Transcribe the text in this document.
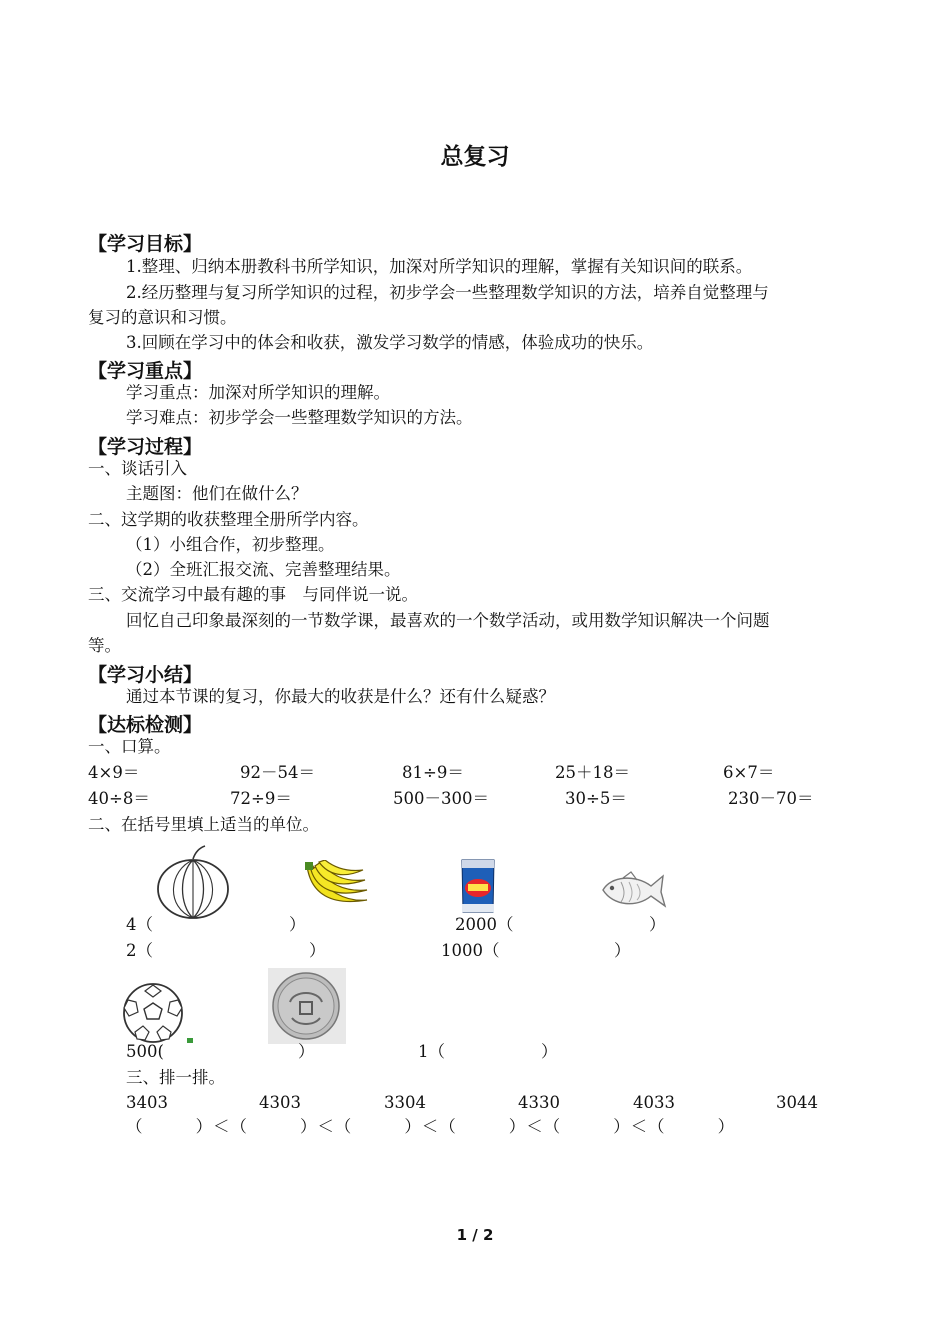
总复习
【学习目标】
1.整理、归纳本册教科书所学知识，加深对所学知识的理解，掌握有关知识间的联系。
2.经历整理与复习所学知识的过程，初步学会一些整理数学知识的方法，培养自觉整理与
复习的意识和习惯。
3.回顾在学习中的体会和收获，激发学习数学的情感，体验成功的快乐。
【学习重点】
学习重点：加深对所学知识的理解。
学习难点：初步学会一些整理数学知识的方法。
【学习过程】
一、谈话引入
主题图：他们在做什么？
二、这学期的收获整理全册所学内容。
（1）小组合作，初步整理。
（2）全班汇报交流、完善整理结果。
三、交流学习中最有趣的事　与同伴说一说。
回忆自己印象最深刻的一节数学课，最喜欢的一个数学活动，或用数学知识解决一个问题
等。
【学习小结】
通过本节课的复习，你最大的收获是什么？还有什么疑惑？
【达标检测】
一、口算。
4×9＝	92－54＝	81÷9＝	25＋18＝	6×7＝
40÷8＝	72÷9＝	500－300＝	30÷5＝	230－70＝
二、在括号里填上适当的单位。
4（	）	2000（	）
2（	）	1000（	）
500(	）	1（	）
三、排一排。
3403	4303	3304	4330	4033	3044
（　　　）＜（　　　）＜（　　　）＜（　　　）＜（　　　）＜（　　　）
1 / 2
